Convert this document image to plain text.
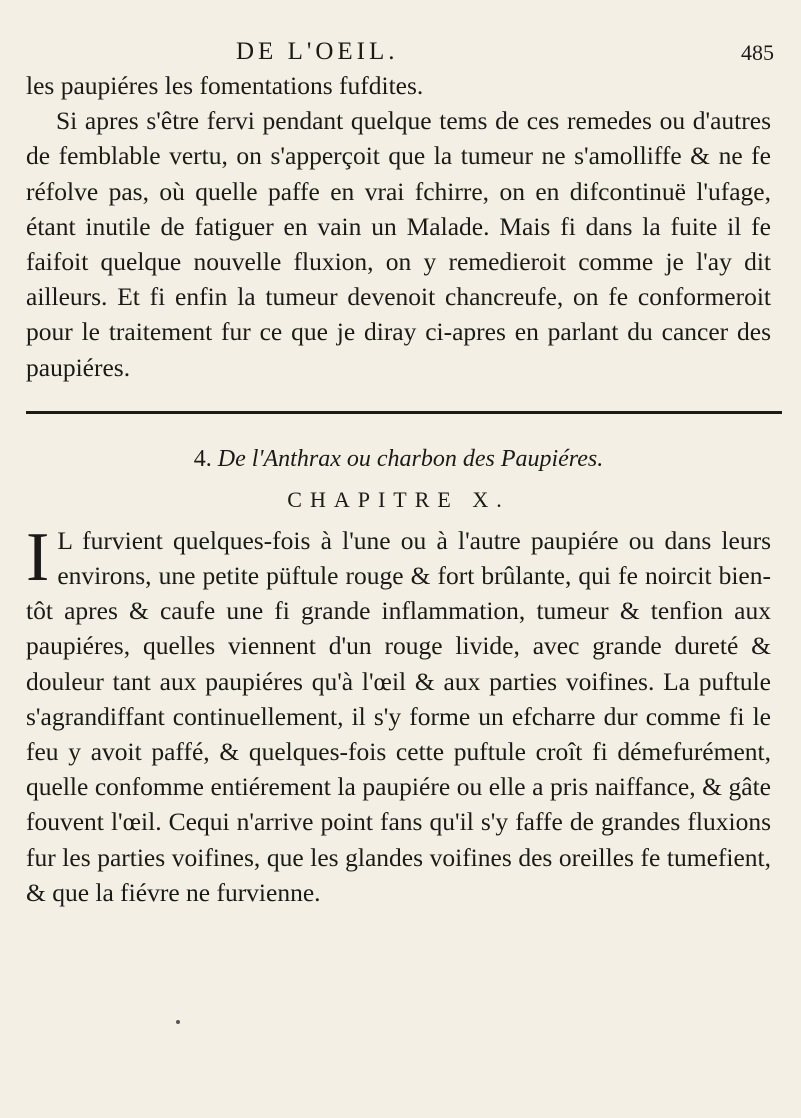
DE L'OEIL.	485

les paupiéres les fomentations fufdites.

Si apres s'être fervi pendant quelque tems de ces remedes ou d'autres de femblable vertu, on s'apperçoit que la tumeur ne s'amolliffe & ne fe réfolve pas, où quelle paffe en vrai fchirre, on en difcontinuë l'ufage, étant inutile de fatiguer en vain un Malade. Mais fi dans la fuite il fe faifoit quelque nouvelle fluxion, on y remedieroit comme je l'ay dit ailleurs. Et fi enfin la tumeur devenoit chancreufe, on fe conformeroit pour le traitement fur ce que je diray ci-apres en parlant du cancer des paupiéres.

4. De l'Anthrax ou charbon des Paupiéres.
CHAPITRE X.

I L furvient quelques-fois à l'une ou à l'autre paupiére ou dans leurs environs, une petite püftule rouge & fort brûlante, qui fe noircit bien-tôt apres & caufe une fi grande inflammation, tumeur & tenfion aux paupiéres, quelles viennent d'un rouge livide, avec grande dureté & douleur tant aux paupiéres qu'à l'œil & aux parties voifines. La puftule s'agrandiffant continuellement, il s'y forme un efcharre dur comme fi le feu y avoit paffé, & quelques-fois cette puftule croît fi démefurément, quelle confomme entiérement la paupiére ou elle a pris naiffance, & gâte fouvent l'œil. Cequi n'arrive point fans qu'il s'y faffe de grandes fluxions fur les parties voifines, que les glandes voifines des oreilles fe tumefient, & que la fiévre ne furvienne.
